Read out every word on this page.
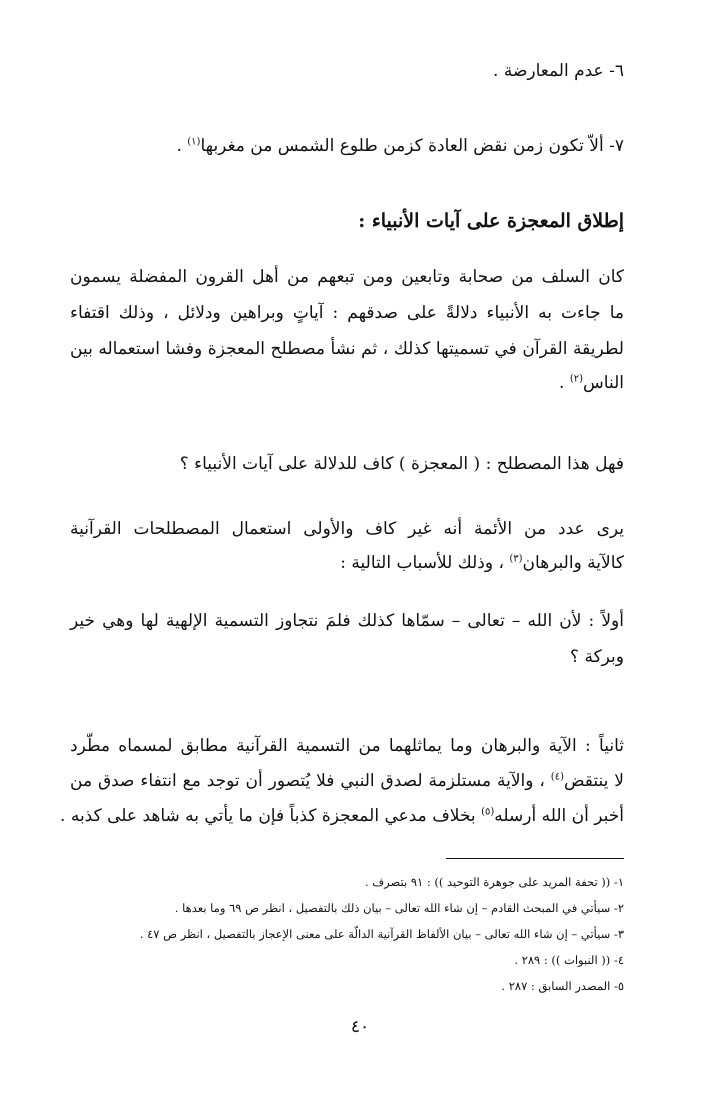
٦- عدم المعارضة .
٧- ألاّ تكون زمن نقض العادة كزمن طلوع الشمس من مغربها$^{(١)}$ .
إطلاق المعجزة على آيات الأنبياء :
كان السلف من صحابة وتابعين ومن تبعهم من أهل القرون المفضلة يسمون
ما جاءت به الأنبياء دلالةً على صدقهم : آياتٍ وبراهين ودلائل ، وذلك اقتفاء
لطريقة القرآن في تسميتها كذلك ، ثم نشأ مصطلح المعجزة وفشا استعماله بين
الناس$^{(٢)}$ .
فهل هذا المصطلح : ( المعجزة ) كاف للدلالة على آيات الأنبياء ؟
يرى عدد من الأئمة أنه غير كاف والأولى استعمال المصطلحات القرآنية
كالآية والبرهان$^{(٣)}$ ، وذلك للأسباب التالية :
أولاً : لأن الله – تعالى – سمّاها كذلك فلمَ نتجاوز التسمية الإلهية لها وهي خير
وبركة ؟
ثانياً : الآية والبرهان وما يماثلهما من التسمية القرآنية مطابق لمسماه مطّرد
لا ينتقض$^{(٤)}$ ، والآية مستلزمة لصدق النبي فلا يُتصور أن توجد مع انتفاء صدق من
أخبر أن الله أرسله$^{(٥)}$ بخلاف مدعي المعجزة كذباً فإن ما يأتي به شاهد على كذبه .
١- (( تحفة المريد على جوهرة التوحيد )) : ٩١ بتصرف .
٢- سيأتي في المبحث القادم – إن شاء الله تعالى – بيان ذلك بالتفصيل ، انظر ص ٦٩ وما بعدها .
٣- سيأتي – إن شاء الله تعالى – بيان الألفاظ القرآنية الدالّة على معنى الإعجاز بالتفصيل ، انظر ص ٤٧ .
٤- (( النبوات )) : ٢٨٩ .
٥- المصدر السابق : ٢٨٧ .
٤٠
